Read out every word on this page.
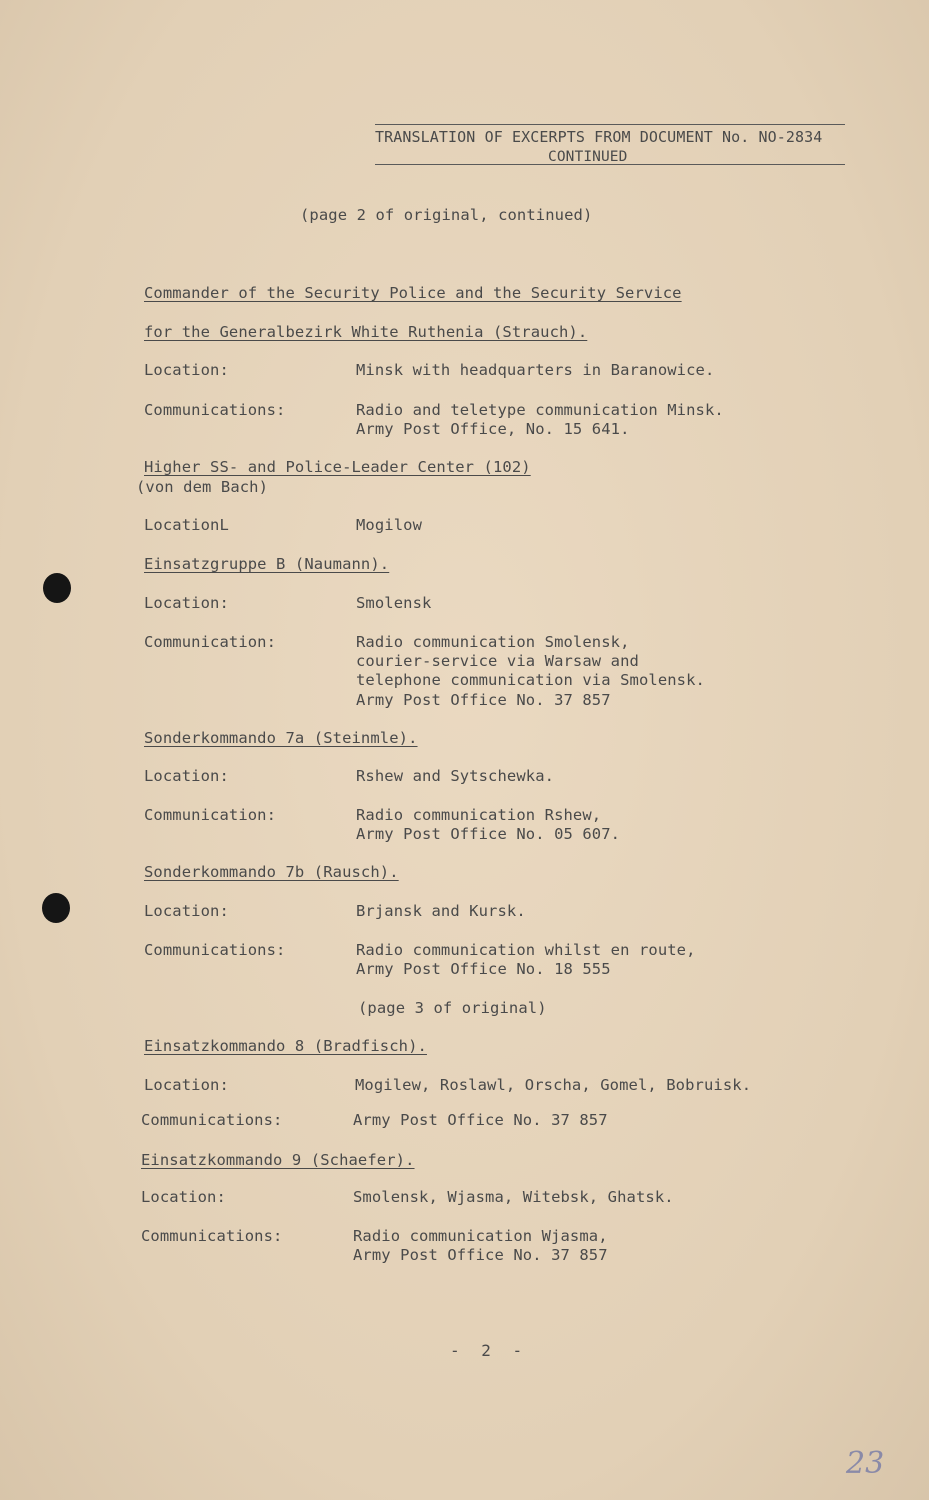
TRANSLATION OF EXCERPTS FROM DOCUMENT No. NO-2834
CONTINUED
(page 2 of original, continued)
Commander of the Security Police and the Security Service
for the Generalbezirk White Ruthenia (Strauch).
Location:	Minsk with headquarters in Baranowice.
Communications:	Radio and teletype communication Minsk.
Army Post Office, No. 15 641.
Higher SS- and Police-Leader Center (102)
(von dem Bach)
LocationL	Mogilow
Einsatzgruppe B (Naumann).
Location:	Smolensk
Communication:	Radio communication Smolensk,
courier-service via Warsaw and
telephone communication via Smolensk.
Army Post Office No. 37 857
Sonderkommando 7a (Steinmle).
Location:	Rshew and Sytschewka.
Communication:	Radio communication Rshew,
Army Post Office No. 05 607.
Sonderkommando 7b (Rausch).
Location:	Brjansk and Kursk.
Communications:	Radio communication whilst en route,
Army Post Office No. 18 555
(page 3 of original)
Einsatzkommando 8 (Bradfisch).
Location:	Mogilew, Roslawl, Orscha, Gomel, Bobruisk.
Communications:	Army Post Office No. 37 857
Einsatzkommando 9 (Schaefer).
Location:	Smolensk, Wjasma, Witebsk, Ghatsk.
Communications:	Radio communication Wjasma,
Army Post Office No. 37 857
- 2 -
23
